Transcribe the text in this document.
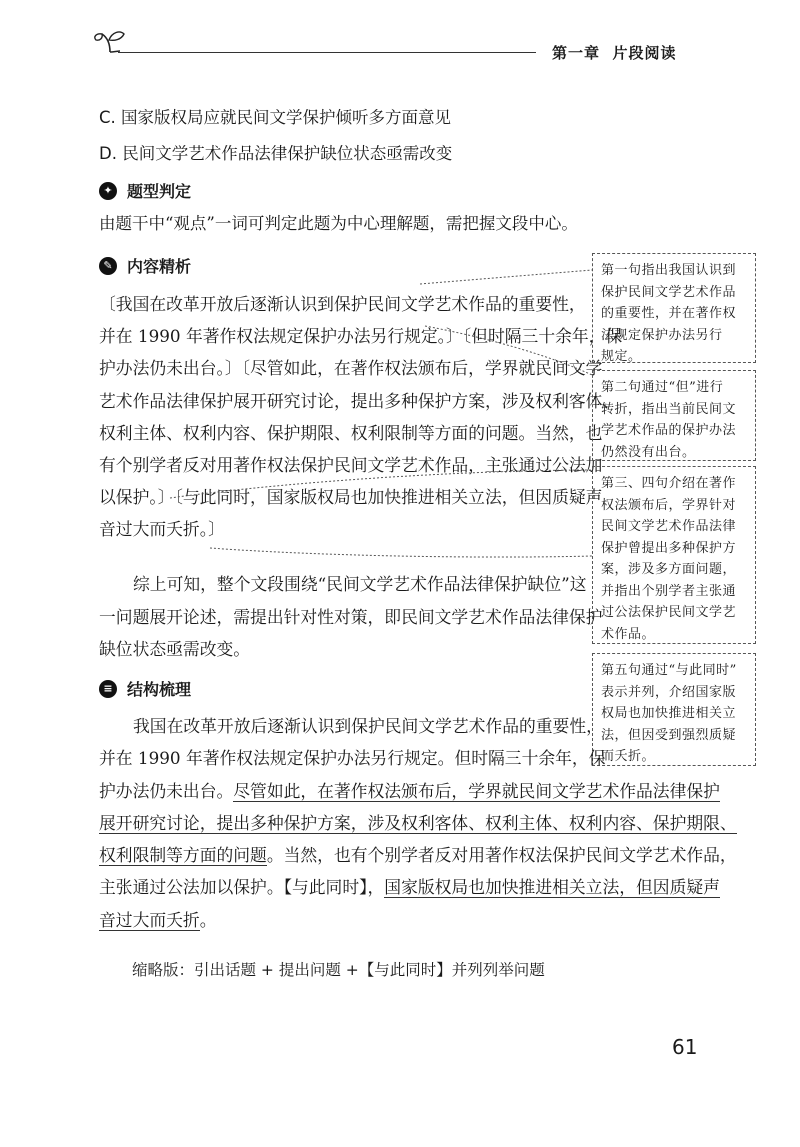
第一章 片段阅读
C. 国家版权局应就民间文学保护倾听多方面意见
D. 民间文学艺术作品法律保护缺位状态亟需改变
✦ 题型判定
由题干中“观点”一词可判定此题为中心理解题，需把握文段中心。
✎ 内容精析
〔我国在改革开放后逐渐认识到保护民间文学艺术作品的重要性，
并在 1990 年著作权法规定保护办法另行规定。〕〔但时隔三十余年，保
护办法仍未出台。〕〔尽管如此，在著作权法颁布后，学界就民间文学
艺术作品法律保护展开研究讨论，提出多种保护方案，涉及权利客体、
权利主体、权利内容、保护期限、权利限制等方面的问题。当然，也
有个别学者反对用著作权法保护民间文学艺术作品，主张通过公法加
以保护。〕〔与此同时，国家版权局也加快推进相关立法，但因质疑声
音过大而夭折。〕
综上可知，整个文段围绕“民间文学艺术作品法律保护缺位”这
一问题展开论述，需提出针对性对策，即民间文学艺术作品法律保护
缺位状态亟需改变。
第一句指出我国认识到
保护民间文学艺术作品
的重要性，并在著作权
法规定保护办法另行
规定。
第二句通过“但”进行
转折，指出当前民间文
学艺术作品的保护办法
仍然没有出台。
第三、四句介绍在著作
权法颁布后，学界针对
民间文学艺术作品法律
保护曾提出多种保护方
案，涉及多方面问题，
并指出个别学者主张通
过公法保护民间文学艺
术作品。
第五句通过“与此同时”
表示并列，介绍国家版
权局也加快推进相关立
法，但因受到强烈质疑
而夭折。
≡ 结构梳理
我国在改革开放后逐渐认识到保护民间文学艺术作品的重要性，
并在 1990 年著作权法规定保护办法另行规定。但时隔三十余年，保
护办法仍未出台。尽管如此，在著作权法颁布后，学界就民间文学艺术作品法律保护
展开研究讨论，提出多种保护方案，涉及权利客体、权利主体、权利内容、保护期限、
权利限制等方面的问题。当然，也有个别学者反对用著作权法保护民间文学艺术作品，
主张通过公法加以保护。【与此同时】，国家版权局也加快推进相关立法，但因质疑声
音过大而夭折。
缩略版：引出话题 + 提出问题 +【与此同时】并列列举问题
61
